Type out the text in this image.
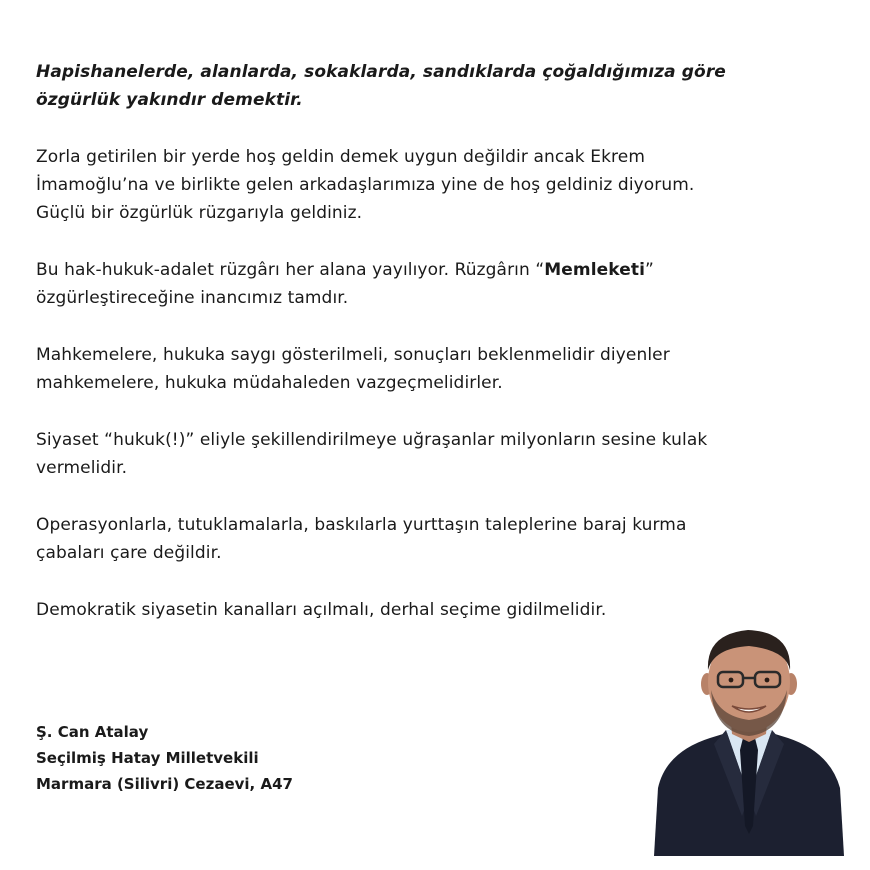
Hapishanelerde, alanlarda, sokaklarda, sandıklarda çoğaldığımıza göre
özgürlük yakındır demektir.

Zorla getirilen bir yerde hoş geldin demek uygun değildir ancak Ekrem
İmamoğlu’na ve birlikte gelen arkadaşlarımıza yine de hoş geldiniz diyorum.
Güçlü bir özgürlük rüzgarıyla geldiniz.

Bu hak-hukuk-adalet rüzgârı her alana yayılıyor. Rüzgârın “Memleketi”
özgürleştireceğine inancımız tamdır.

Mahkemelere, hukuka saygı gösterilmeli, sonuçları beklenmelidir diyenler
mahkemelere, hukuka müdahaleden vazgeçmelidirler.

Siyaset “hukuk(!)” eliyle şekillendirilmeye uğraşanlar milyonların sesine kulak
vermelidir.

Operasyonlarla, tutuklamalarla, baskılarla yurttaşın taleplerine baraj kurma
çabaları çare değildir.

Demokratik siyasetin kanalları açılmalı, derhal seçime gidilmelidir.

Ş. Can Atalay
Seçilmiş Hatay Milletvekili
Marmara (Silivri) Cezaevi, A47
